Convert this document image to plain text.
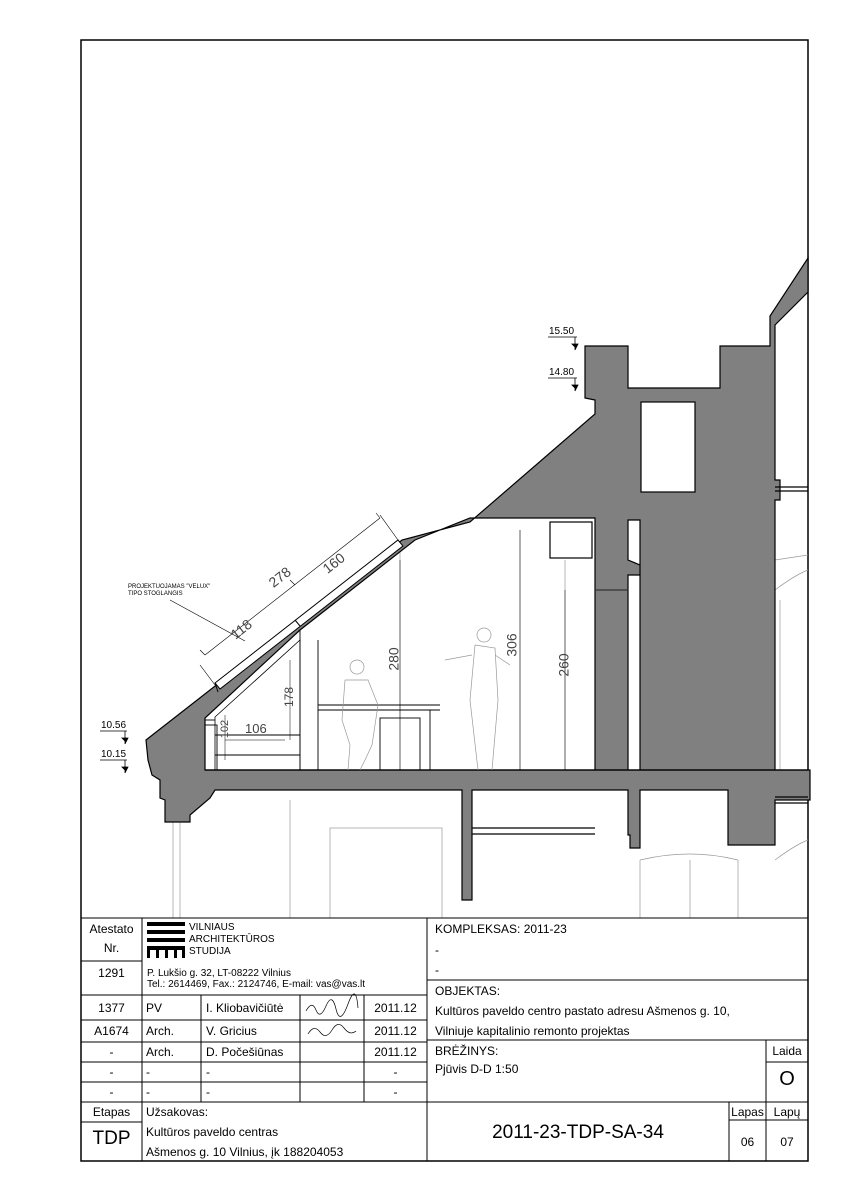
15.50
14.80
10.56
10.15
PROJEKTUOJAMAS "VELUX"
TIPO STOGLANGIS
278
160
118
280
306
260
178
106
102
Atestato
Nr.
1291
VILNIAUS
ARCHITEKTŪROS
STUDIJA
P. Lukšio g. 32, LT-08222 Vilnius
Tel.: 2614469, Fax.: 2124746, E-mail: vas@vas.lt
KOMPLEKSAS: 2011-23
-
-
OBJEKTAS:
Kultūros paveldo centro pastato adresu Ašmenos g. 10,
Vilniuje kapitalinio remonto projektas
BRĖŽINYS:
Pjūvis D-D 1:50
Laida
O
1377	PV	I. Kliobavičiūtė	2011.12
A1674	Arch.	V. Gricius	2011.12
-	Arch.	D. Počešiūnas	2011.12
-	-	-	-
-	-	-	-
Etapas
TDP
Užsakovas:
Kultūros paveldo centras
Ašmenos g. 10 Vilnius, įk 188204053
2011-23-TDP-SA-34
Lapas
06
Lapų
07
